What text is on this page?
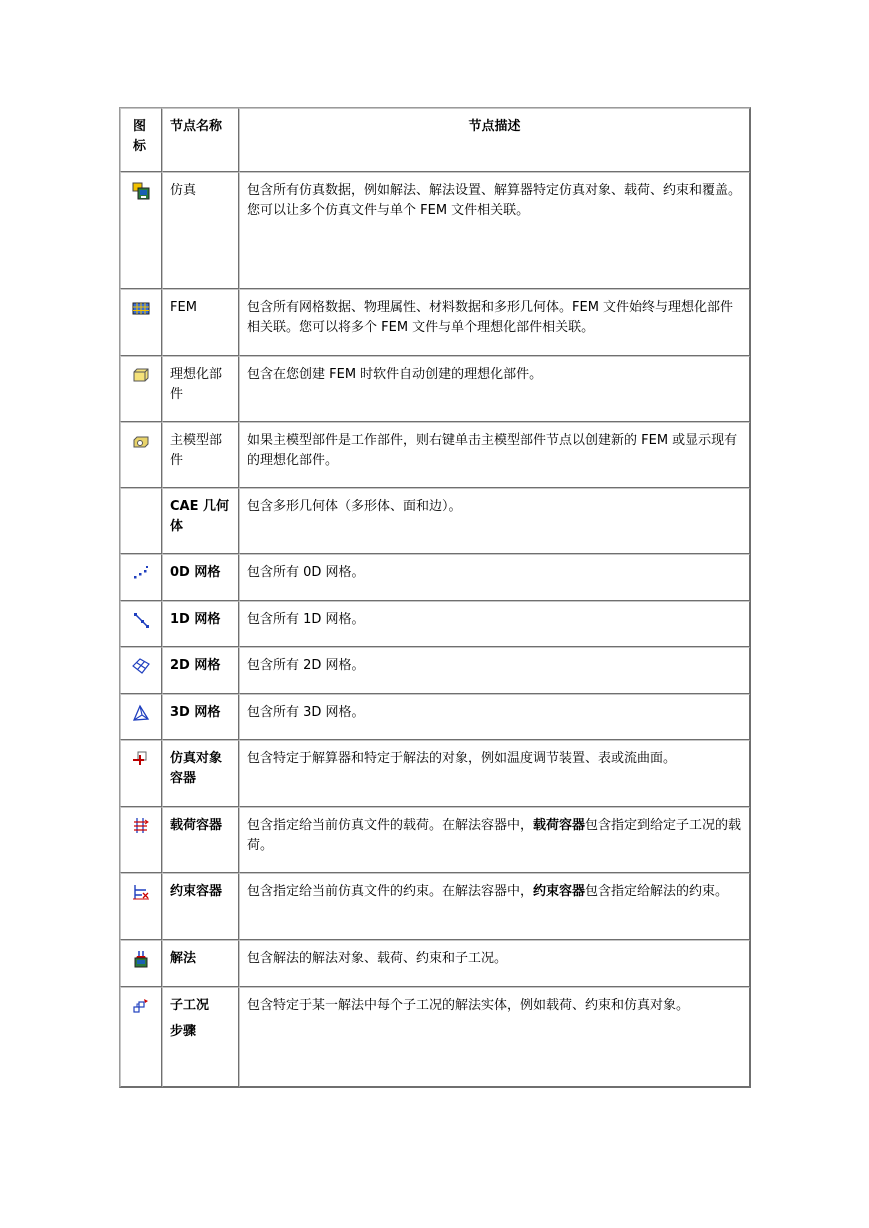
图标	节点名称	节点描述

	仿真	包含所有仿真数据，例如解法、解法设置、解算器特定仿真对象、载荷、约束和覆盖。您可以让多个仿真文件与单个 FEM 文件相关联。

	FEM	包含所有网格数据、物理属性、材料数据和多形几何体。FEM 文件始终与理想化部件相关联。您可以将多个 FEM 文件与单个理想化部件相关联。

	理想化部件	包含在您创建 FEM 时软件自动创建的理想化部件。

	主模型部件	如果主模型部件是工作部件，则右键单击主模型部件节点以创建新的 FEM 或显示现有的理想化部件。
	CAE 几何体	包含多形几何体（多形体、面和边）。

	0D 网格	包含所有 0D 网格。

	1D 网格	包含所有 1D 网格。

	2D 网格	包含所有 2D 网格。

	3D 网格	包含所有 3D 网格。

	仿真对象容器	包含特定于解算器和特定于解法的对象，例如温度调节装置、表或流曲面。

	载荷容器	包含指定给当前仿真文件的载荷。在解法容器中，载荷容器包含指定到给定子工况的载荷。

	约束容器	包含指定给当前仿真文件的约束。在解法容器中，约束容器包含指定给解法的约束。

	解法	包含解法的解法对象、载荷、约束和子工况。

子工况
步骤	包含特定于某一解法中每个子工况的解法实体，例如载荷、约束和仿真对象。
